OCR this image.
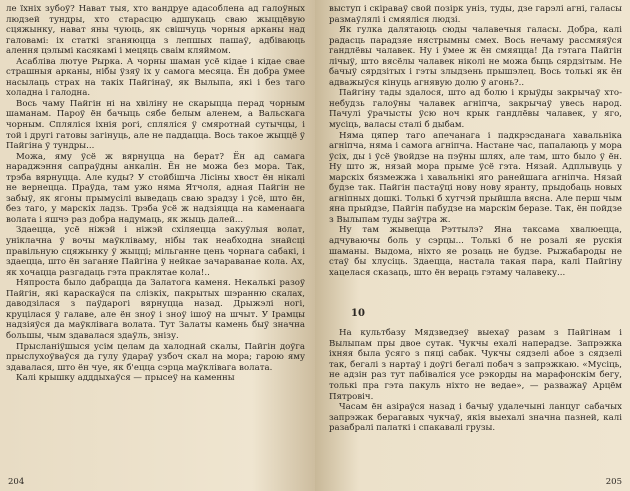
ле їхніх зубоў? Нават тыя, хто вандруе адасоблена ад галоўных людзей тундры, хто старасцю адшукаць сваю жыццёвую сцяжынку, нават яны чуюць, як свішчуць чорныя арканы над галовамі: іх статкі зганяюцца з лепшых пашаў, адбіваюць алення цэлымі касякамі і мецяць сваім кляймом.

Асабліва лютуе Рырка. А чорны шаман усё кідае і кідае свае страшныя арканы, нібы ўзяў іх у самога месяца. Ён добра ўмее насылаць страх на такіх Пайгінаў, як Вылыпа, які і без таго холадна і галодна.

Вось чаму Пайгін ні на хвіліну не скарыцца перад чорным шаманам. Пароў ён бачыць сябе белым аленем, а Вальскага чорным. Спляліся іхнія рогі, спляліся ў смяротнай сутычцы, і той і другі гатовы загінуць, але не паддацца. Вось такое жыццё ў Пайгіна ў тундры...

Можа, яму ўсё ж вярнуцца на берат? Ён ад самага нараджэння сапраўдны анкалін. Ён не можа без мора. Так, трэба вярнуцца. Але куды? У стойбішча Лісіны хвост ён нікалі не вернецца. Праўда, там ужо няма Ятчоля, адная Пайгін не забыў, як ягоны прымусілі выведаць сваю зрадзу і ўсё, што ён, без таго, у марскіх ладзь. Трэба ўсё ж надзіяцца на каменаага волата і яшчэ раз добра надумаць, як жыць далей...

Здаецца, усё ніжэй і ніжэй схіляецца закуўлыя волат, уніклачна ў вочы маўкліваму, нібы так неабходна знайсці правільную сцяжынку ў жыцці; мільганне цень чорнага сабакі, і здаецца, што ён заганяе Пайгіна ў нейкае зачараванае кола. Ах, як хочацца разгадаць гэта праклятае кола!..

Няпроста было дабрацца да Залатога каменя. Некалькі разоў Пайгін, які караскаўся па слізкіх, пакрытых шэранню скалах, даводзілася з паўдарогі вярнуцца назад. Дрыжэлі ногі, круцілася ў галаве, але ён зноў і зноў ішоў на шчыт. У Ірамцы надзіяўся да маўклівага волата. Тут Залаты камень быў значна большы, чым здавалася здаўль, знізу.

Прысланіўшыся усім целам да халоднай скалы, Пайгін доўга прыслухоўваўся да гулу ўдараў узбоч скал на мора; гарою яму здавалася, што ён чуе, як б'ецца сэрца маўклівага волата.

Калі крышку адддыхаўся — прысеў на каменны

204

выступ і скіраваў свой позірк уніз, туды, дзе гарэлі агні, галасы размаўлялі і смяяліся людзі.

Як гулка далятаюць сюды чалавечыя галасы. Добра, калі радасць парадзяе нястрымны смех. Вось нечаму рассмяяўся гандлёвы чалавек. Ну і ўмее ж ён смяяцца! Да гэтага Пайгін лічыў, што вясёлы чалавек ніколі не можа быць сярдзітым. Не бачыў сярдзітых і гэты злыдзень прышэлец. Вось толькі як ён адважыўся кінуць агнявую долю ў агонь?..

Пайгіну тады здалося, што ад болю і крыўды закрычаў хто-небудзь галоўны чалавек агніпча, закрычаў увесь народ. Пачулі ўрачысты ўсю ноч крык гандлёвы чалавек, у яго, мусіць, валасы сталі б дыбам.

Няма цяпер таго апечанага і падкрэсданага хавальніка агніпча, няма і самога агніпча. Настане час, папалаюць у мора ўсіх, ды і ўсё ўвойдзе на пэўны шлях, але там, што было ў ён. Ну што ж, нязай мора прыме ўсё гэта. Нязай. Адплывуць у марскіх бязмежжа і хавальнікі яго ранейшага агніпча. Нязай будзе так. Пайгін пастаўці нову нову яранту, прыдобаць новых агніпных дошкі. Толькі б хутчэй прыйшла вясна. Але перш чым яна прыйдзе, Пайгін пабудзе на марскім беразе. Так, ён пойдзе з Вылыпам туды заўтра ж.

Ну там жывецца Рэттылэ? Яна таксама хвалюецца, адчуваючы боль у сэрцы... Толькі б не розалі яе рускія шаманы. Выдома, ніхто яе розаць не будзе. Рыжабароды не стаў бы хлусіць. Здаецца, настала такая пара, калі Пайгіну хацелася сказаць, што ён вераць гэтаму чалавеку...

10

На культбазу Мядзведзеў выехаў разам з Пайгінам і Вылыпам пры двое сутак. Чукчы ехалі наперадзе. Запрэжка іхняя была ўсяго з пяці сабак. Чукчы сядзелі абое з сядзелі так, бегалі з нартаў і доўгі бегалі побач з запрэжкаю. «Мусіць, не адзін раз тут пабіваліся усе рэкорды на марафонскім бегу, толькі пра гэта пакуль ніхто не ведае», — разважаў Арцём Пятровіч.

Часам ён азіраўся назад і бачыў удалечыні ланцуг сабачых запрэжак берагавых чукчаў, якія выехалі значна пазней, калі разабралі палаткі і спакавалі грузы.

205
